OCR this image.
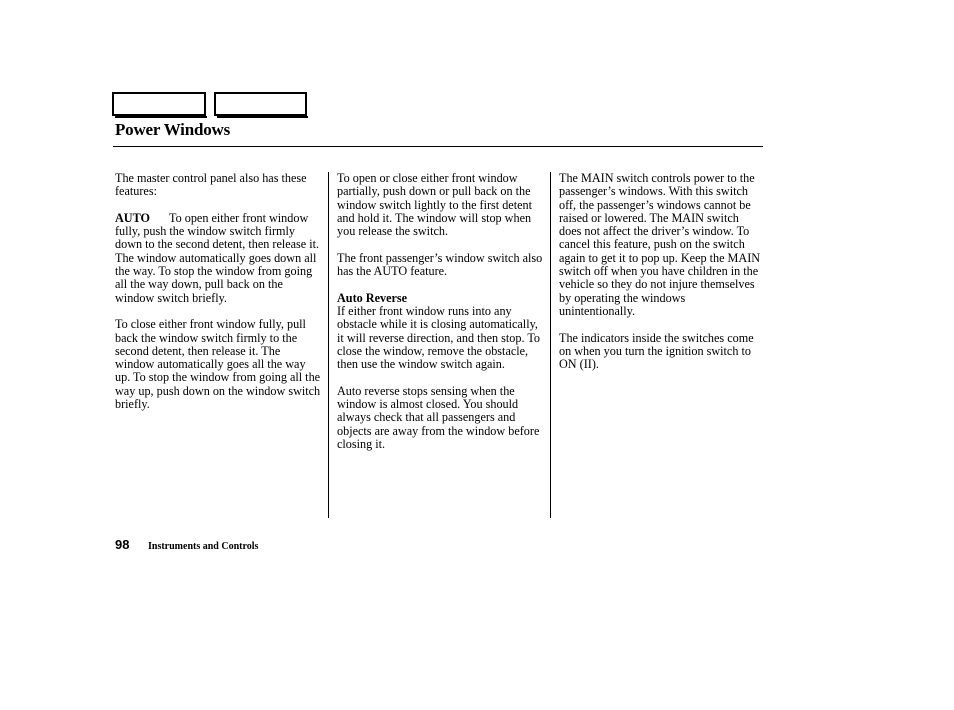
Power Windows

The master control panel also has these features:

AUTO To open either front window fully, push the window switch firmly down to the second detent, then release it. The window automatically goes down all the way. To stop the window from going all the way down, pull back on the window switch briefly.

To close either front window fully, pull back the window switch firmly to the second detent, then release it. The window automatically goes all the way up. To stop the window from going all the way up, push down on the window switch briefly.

To open or close either front window partially, push down or pull back on the window switch lightly to the first detent and hold it. The window will stop when you release the switch.

The front passenger’s window switch also has the AUTO feature.

Auto Reverse
If either front window runs into any obstacle while it is closing automatically, it will reverse direction, and then stop. To close the window, remove the obstacle, then use the window switch again.

Auto reverse stops sensing when the window is almost closed. You should always check that all passengers and objects are away from the window before closing it.

The MAIN switch controls power to the passenger’s windows. With this switch off, the passenger’s windows cannot be raised or lowered. The MAIN switch does not affect the driver’s window. To cancel this feature, push on the switch again to get it to pop up. Keep the MAIN switch off when you have children in the vehicle so they do not injure themselves by operating the windows unintentionally.

The indicators inside the switches come on when you turn the ignition switch to ON (II).

98 Instruments and Controls
